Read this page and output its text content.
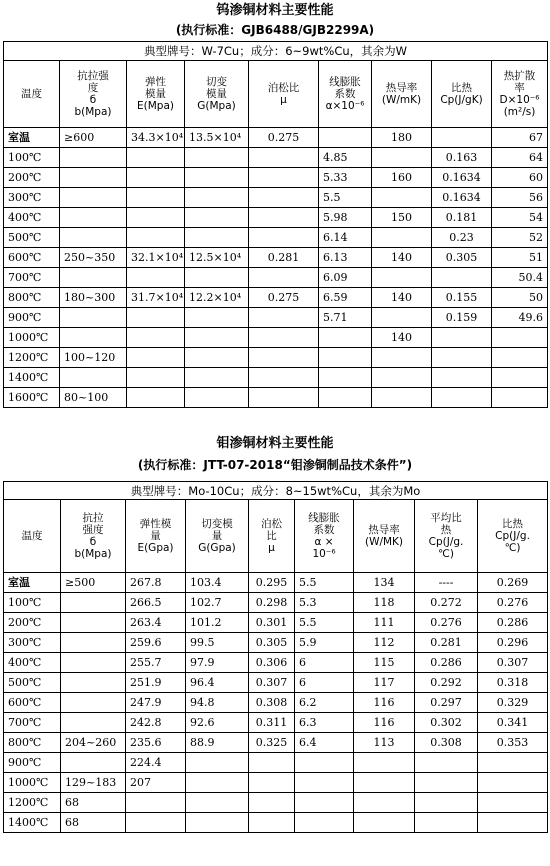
钨渗铜材料主要性能
(执行标准：GJB6488/GJB2299A)
典型牌号：W-7Cu；成分：6~9wt%Cu，其余为W								

温度	抗拉强
度
б
b(Mpa)	弹性
模量
E(Mpa)	切变
模量
G(Mpa)	泊松比
μ	线膨胀
系数
α×10⁻⁶	热导率
(W/mK)	比热
Cp(J/gK)	热扩散
率
D×10⁻⁶
(m²/s)

室温	≥600	34.3×10⁴	13.5×10⁴	0.275		180		67
100℃					4.85		0.163	64
200℃					5.33	160	0.1634	60
300℃					5.5		0.1634	56
400℃					5.98	150	0.181	54
500℃					6.14		0.23	52
600℃	250~350	32.1×10⁴	12.5×10⁴	0.281	6.13	140	0.305	51
700℃					6.09			50.4
800℃	180~300	31.7×10⁴	12.2×10⁴	0.275	6.59	140	0.155	50
900℃					5.71		0.159	49.6
1000℃						140		
1200℃	100~120							
1400℃								
1600℃	80~100							
钼渗铜材料主要性能
(执行标准：JTT-07-2018“钼渗铜制品技术条件”)
典型牌号：Mo-10Cu；成分：8~15wt%Cu，其余为Mo								

温度	抗拉
强度
б
b(Mpa)	弹性模
量
E(Gpa)	切变模
量
G(Gpa)	泊松
比
μ	线膨胀
系数
α ×
10⁻⁶	热导率
(W/MK)	平均比
热
Cp(J/g.
℃)	比热
Cp(J/g.
℃)

室温	≥500	267.8	103.4	0.295	5.5	134	----	0.269
100℃		266.5	102.7	0.298	5.3	118	0.272	0.276
200℃		263.4	101.2	0.301	5.5	111	0.276	0.286
300℃		259.6	99.5	0.305	5.9	112	0.281	0.296
400℃		255.7	97.9	0.306	6	115	0.286	0.307
500℃		251.9	96.4	0.307	6	117	0.292	0.318
600℃		247.9	94.8	0.308	6.2	116	0.297	0.329
700℃		242.8	92.6	0.311	6.3	116	0.302	0.341
800℃	204~260	235.6	88.9	0.325	6.4	113	0.308	0.353
900℃		224.4						
1000℃	129~183	207						
1200℃	68							
1400℃	68							
